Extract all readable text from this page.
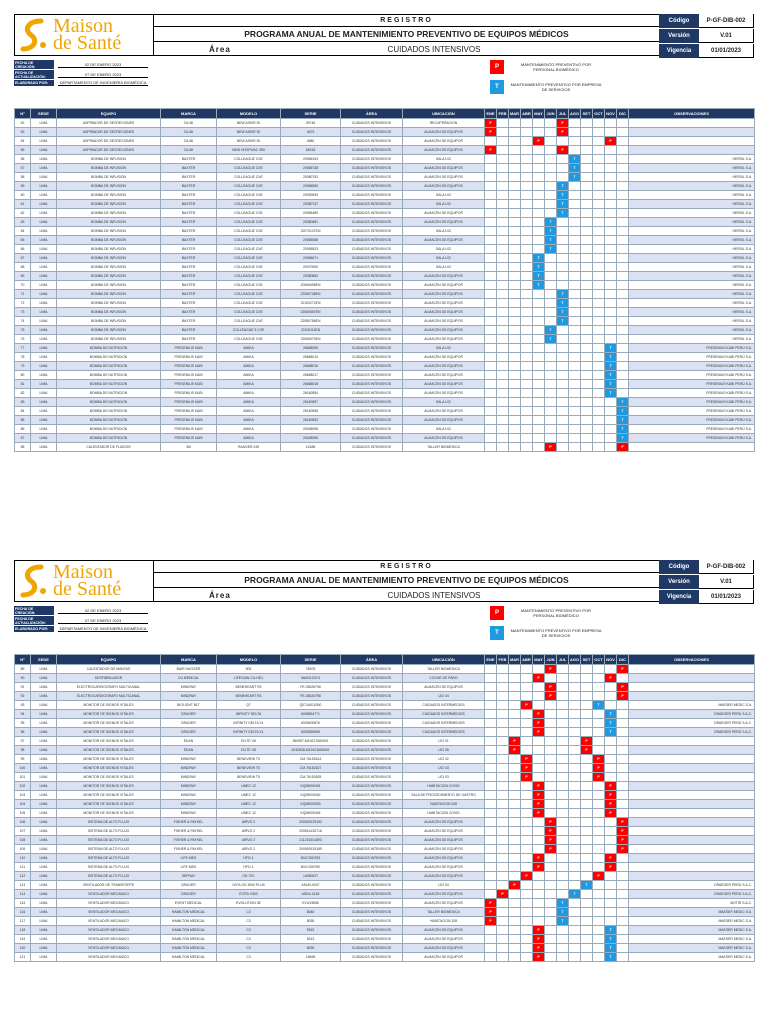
Maison
de Santé
REGISTRO
PROGRAMA ANUAL DE MANTENIMIENTO PREVENTIVO DE EQUIPOS MÉDICOS
Área	CUIDADOS INTENSIVOS
Código	P-GF-DIB-002
Versión	V.01
Vigencia	01/01/2023
FECHA DE CREACIÓN:	02 DE ENERO 2023
FECHA DE ACTUALIZACIÓN:	07 DE ENERO 2023
ELABORADO POR:	DEPARTAMENTO DE INGENIERÍA BIOMÉDICA
P	MANTENIMIENTO PREVENTIVO POR PERSONAL BIOMÉDICO
T	MANTENIMIENTO PREVENTIVO POR EMPRESA DE SERVICIOS
N°	SEDE	EQUIPO	MARCA	MODELO	SERIE	ÁREA	UBICACIÓN	ENE	FEB	MAR	ABR	MAY	JUN	JUL	AGO	SET	OCT	NOV	DIC	OBSERVACIONES
52	LIMA	ASPIRADOR DE SECRECIONES	CA-MI	NEW ASKIR 30	09746	CUIDADOS INTENSIVOS	RECUPERACION	P						P						
53	LIMA	ASPIRADOR DE SECRECIONES	CA-MI	NEW ASKIR 30	4679	CUIDADOS INTENSIVOS	ALMACEN DE EQUIPOS	P						P						
54	LIMA	ASPIRADOR DE SECRECIONES	CA-MI	NEW ASKIR 30	4680	CUIDADOS INTENSIVOS	ALMACEN DE EQUIPOS					P						P		
55	LIMA	ASPIRADOR DE SECRECIONES	CA-MI	NEW HOSPIVAC 350	54915	CUIDADOS INTENSIVOS	ALMACEN DE EQUIPOS	P						P						
56	LIMA	BOMBA DE INFUSION	BAXTER	COLLEAGUE CXE	20065193	CUIDADOS INTENSIVOS	SALA UCI								T					HERSIL S.A.
57	LIMA	BOMBA DE INFUSION	BAXTER	COLLEAGUE CXE	20065738	CUIDADOS INTENSIVOS	ALMACEN DE EQUIPOS								T					HERSIL S.A.
58	LIMA	BOMBA DE INFUSION	BAXTER	COLLEAGUE CXE	20080753	CUIDADOS INTENSIVOS	ALMACEN DE EQUIPOS								T					HERSIL S.A.
59	LIMA	BOMBA DE INFUSION	BAXTER	COLLEAGUE CXE	20065550	CUIDADOS INTENSIVOS	ALMACEN DE EQUIPOS							T						HERSIL S.A.
60	LIMA	BOMBA DE INFUSION	BAXTER	COLLEAGUE CXE	20090539	CUIDADOS INTENSIVOS	SALA UCI							T						HERSIL S.A.
61	LIMA	BOMBA DE INFUSION	BAXTER	COLLEAGUE CXE	20080747	CUIDADOS INTENSIVOS	SALA UCI							T						HERSIL S.A.
62	LIMA	BOMBA DE INFUSION	BAXTER	COLLEAGUE CXE	20065489	CUIDADOS INTENSIVOS	ALMACEN DE EQUIPOS							T						HERSIL S.A.
63	LIMA	BOMBA DE INFUSION	BAXTER	COLLEAGUE CXE	20080681	CUIDADOS INTENSIVOS	ALMACEN DE EQUIPOS						T							HERSIL S.A.
64	LIMA	BOMBA DE INFUSION	BAXTER	COLLEAGUE CXE	22070137EN	CUIDADOS INTENSIVOS	SALA UCI						T							HERSIL S.A.
65	LIMA	BOMBA DE INFUSION	BAXTER	COLLEAGUE CXE	20065088	CUIDADOS INTENSIVOS	ALMACEN DE EQUIPOS						T							HERSIL S.A.
66	LIMA	BOMBA DE INFUSION	BAXTER	COLLEAGUE CXE	20065523	CUIDADOS INTENSIVOS	SALA UCI						T							HERSIL S.A.
67	LIMA	BOMBA DE INFUSION	BAXTER	COLLEAGUE CXE	20065671	CUIDADOS INTENSIVOS	SALA UCI					T								HERSIL S.A.
68	LIMA	BOMBA DE INFUSION	BAXTER	COLLEAGUE CXE	20070050	CUIDADOS INTENSIVOS	SALA UCI					T								HERSIL S.A.
69	LIMA	BOMBA DE INFUSION	BAXTER	COLLEAGUE CXE	20080850	CUIDADOS INTENSIVOS	ALMACEN DE EQUIPOS					T								HERSIL S.A.
70	LIMA	BOMBA DE INFUSION	BAXTER	COLLEAGUE CXE	20060658EN	CUIDADOS INTENSIVOS	ALMACEN DE EQUIPOS					T								HERSIL S.A.
71	LIMA	BOMBA DE INFUSION	BAXTER	COLLEAGUE CXE	22060708EN	CUIDADOS INTENSIVOS	ALMACEN DE EQUIPOS							T						HERSIL S.A.
72	LIMA	BOMBA DE INFUSION	BAXTER	COLLEAGUE CXE	22100272EN	CUIDADOS INTENSIVOS	ALMACEN DE EQUIPOS							T						HERSIL S.A.
73	LIMA	BOMBA DE INFUSION	BAXTER	COLLEAGUE CXE	22060557EN	CUIDADOS INTENSIVOS	ALMACEN DE EQUIPOS							T						HERSIL S.A.
74	LIMA	BOMBA DE INFUSION	BAXTER	COLLEAGUE CXE	22080786EN	CUIDADOS INTENSIVOS	ALMACEN DE EQUIPOS							T						HERSIL S.A.
75	LIMA	BOMBA DE INFUSION	BAXTER	COLLEAGUE 3 CXE	22100111EN	CUIDADOS INTENSIVOS	ALMACEN DE EQUIPOS						T							HERSIL S.A.
76	LIMA	BOMBA DE INFUSION	BAXTER	COLLEAGUE CXE	22060670EN	CUIDADOS INTENSIVOS	ALMACEN DE EQUIPOS						T							HERSIL S.A.
77	LIMA	BOMBA DE NUTRICION	FRESENIUS KABI	AMIKA	26668059	CUIDADOS INTENSIVOS	SALA UCI											T		FRESENIUS KABI PERÚ S.A.
78	LIMA	BOMBA DE NUTRICION	FRESENIUS KABI	AMIKA	26668010	CUIDADOS INTENSIVOS	ALMACEN DE EQUIPOS											T		FRESENIUS KABI PERÚ S.A.
79	LIMA	BOMBA DE NUTRICION	FRESENIUS KABI	AMIKA	26668016	CUIDADOS INTENSIVOS	ALMACEN DE EQUIPOS											T		FRESENIUS KABI PERÚ S.A.
80	LIMA	BOMBA DE NUTRICION	FRESENIUS KABI	AMIKA	26668017	CUIDADOS INTENSIVOS	ALMACEN DE EQUIPOS											T		FRESENIUS KABI PERÚ S.A.
81	LIMA	BOMBA DE NUTRICION	FRESENIUS KABI	AMIKA	26668018	CUIDADOS INTENSIVOS	ALMACEN DE EQUIPOS											T		FRESENIUS KABI PERÚ S.A.
82	LIMA	BOMBA DE NUTRICION	FRESENIUS KABI	AMIKA	26160554	CUIDADOS INTENSIVOS	ALMACEN DE EQUIPOS											T		FRESENIUS KABI PERÚ S.A.
83	LIMA	BOMBA DE NUTRICION	FRESENIUS KABI	AMIKA	26160557	CUIDADOS INTENSIVOS	SALA UCI												T	FRESENIUS KABI PERÚ S.A.
84	LIMA	BOMBA DE NUTRICION	FRESENIUS KABI	AMIKA	26160555	CUIDADOS INTENSIVOS	ALMACEN DE EQUIPOS												T	FRESENIUS KABI PERÚ S.A.
85	LIMA	BOMBA DE NUTRICION	FRESENIUS KABI	AMIKA	26160553	CUIDADOS INTENSIVOS	ALMACEN DE EQUIPOS												T	FRESENIUS KABI PERÚ S.A.
86	LIMA	BOMBA DE NUTRICION	FRESENIUS KABI	AMIKA	26308098	CUIDADOS INTENSIVOS	SALA UCI												T	FRESENIUS KABI PERÚ S.A.
87	LIMA	BOMBA DE NUTRICION	FRESENIUS KABI	AMIKA	26308096	CUIDADOS INTENSIVOS	ALMACEN DE EQUIPOS												T	FRESENIUS KABI PERÚ S.A.
88	LIMA	CALENTADOR DE FLUIDOS	3M	RANGER 245	14386	CUIDADOS INTENSIVOS	TALLER BIOMEDICA						P						P	
Maison
de Santé
REGISTRO
PROGRAMA ANUAL DE MANTENIMIENTO PREVENTIVO DE EQUIPOS MÉDICOS
Área	CUIDADOS INTENSIVOS
Código	P-GF-DIB-002
Versión	V.01
Vigencia	01/01/2023
FECHA DE CREACIÓN:	02 DE ENERO 2023
FECHA DE ACTUALIZACIÓN:	07 DE ENERO 2023
ELABORADO POR:	DEPARTAMENTO DE INGENIERÍA BIOMÉDICA
P	MANTENIMIENTO PREVENTIVO POR PERSONAL BIOMÉDICO
T	MANTENIMIENTO PREVENTIVO POR EMPRESA DE SERVICIOS
N°	SEDE	EQUIPO	MARCA	MODELO	SERIE	ÁREA	UBICACIÓN	ENE	FEB	MAR	ABR	MAY	JUN	JUL	AGO	SET	OCT	NOV	DIC	OBSERVACIONES
89	LIMA	CALENTADOR DE MANTAS	BAIR HUGGER	505	78209	CUIDADOS INTENSIVOS	TALLER BIOMEDICA						P						P	
90	LIMA	DESFIBRILADOR	CU MEDICAL	LIFEGAIN CU-HD1	MA921C574	CUIDADOS INTENSIVOS	COCHE DE PARO					P						P		
91	LIMA	ELECTROCARDIOGRAFO MULTICANAL	MINDRAY	BENEHEART R3	FE-08026796	CUIDADOS INTENSIVOS	ALMACEN DE EQUIPOS						P						P	
92	LIMA	ELECTROCARDIOGRAFO MULTICANAL	MINDRAY	BENEHEART R3	FE-08026798	CUIDADOS INTENSIVOS	UCI 04						P						P	
93	LIMA	MONITOR DE SIGNOS VITALES	BIOLIGHT BLT	Q7	Q071A010300	CUIDADOS INTENSIVOS	CUIDADOS INTERMEDIOS				P						T			MAESER MEDIC S.A.
94	LIMA	MONITOR DE SIGNOS VITALES	DRAGER	INFINITY DELTA	6008654771	CUIDADOS INTENSIVOS	CUIDADOS INTERMEDIOS					P						T		DRAEGER PERÚ S.A.C.
95	LIMA	MONITOR DE SIGNOS VITALES	DRAGER	INFINITY DELTA XL	6009400876	CUIDADOS INTENSIVOS	CUIDADOS INTERMEDIOS					P						T		DRAEGER PERÚ S.A.C.
96	LIMA	MONITOR DE SIGNOS VITALES	DRAGER	INFINITY DELTA XL	6000599665	CUIDADOS INTENSIVOS	CUIDADOS INTERMEDIOS					P						T		DRAEGER PERÚ S.A.C.
97	LIMA	MONITOR DE SIGNOS VITALES	EDAN	ELITE V8	360597-M19217660001	CUIDADOS INTENSIVOS	UCI 01			P						P				
98	LIMA	MONITOR DE SIGNOS VITALES	EDAN	ELITE V8	0032838-M19101660002	CUIDADOS INTENSIVOS	UCI 05			P						P				
99	LIMA	MONITOR DE SIGNOS VITALES	MINDRAY	BENEVIEW T5	CM-76152614	CUIDADOS INTENSIVOS	UCI 02				P						P			
100	LIMA	MONITOR DE SIGNOS VITALES	MINDRAY	BENEVIEW T5	CM-76152627	CUIDADOS INTENSIVOS	UCI 03				P						P			
101	LIMA	MONITOR DE SIGNOS VITALES	MINDRAY	BENEVIEW T5	CM-76152625	CUIDADOS INTENSIVOS	UCI 03				P						P			
102	LIMA	MONITOR DE SIGNOS VITALES	MINDRAY	UMEC 12	KQ08005451	CUIDADOS INTENSIVOS	HABITACION COVID					P						P		
103	LIMA	MONITOR DE SIGNOS VITALES	MINDRAY	UMEC 12	KQ08005452	CUIDADOS INTENSIVOS	SALA DE PROCEDIMIENTO DE GASTRO					P						P		
104	LIMA	MONITOR DE SIGNOS VITALES	MINDRAY	UMEC 12	KQ08005453	CUIDADOS INTENSIVOS	HABITACION 328					P						P		
105	LIMA	MONITOR DE SIGNOS VITALES	MINDRAY	UMEC 12	KQ08005454	CUIDADOS INTENSIVOS	HABITACION COVID					P						P		
106	LIMA	SISTEMA DE ALTO FLUJO	FISHER & PAYKEL	AIRVO 2	200509129152	CUIDADOS INTENSIVOS	ALMACEN DE EQUIPOS						P						P	
107	LIMA	SISTEMA DE ALTO FLUJO	FISHER & PAYKEL	AIRVO 2	200514130716	CUIDADOS INTENSIVOS	ALMACEN DE EQUIPOS						P						P	
108	LIMA	SISTEMA DE ALTO FLUJO	FISHER & PAYKEL	AIRVO 2	211215241893	CUIDADOS INTENSIVOS	ALMACEN DE EQUIPOS						P						P	
109	LIMA	SISTEMA DE ALTO FLUJO	FISHER & PAYKEL	AIRVO 2	200509129189	CUIDADOS INTENSIVOS	ALMACEN DE EQUIPOS						P						P	
110	LIMA	SISTEMA DE ALTO FLUJO	LIFE MED	HFO-1	801C000783	CUIDADOS INTENSIVOS	ALMACEN DE EQUIPOS					P						P		
111	LIMA	SISTEMA DE ALTO FLUJO	LIFE MED	HFO-1	801C000780	CUIDADOS INTENSIVOS	ALMACEN DE EQUIPOS					P						P		
112	LIMA	SISTEMA DE ALTO FLUJO	SEPRAY	OH-70C	14060027	CUIDADOS INTENSIVOS	ALMACEN DE EQUIPOS				P						P			
113	LIMA	VENTILADOR DE TRANSPORTE	DRAGER	OXYLOG 3000 PLUS	ASUN-0047	CUIDADOS INTENSIVOS	UCI 03			P						T				DRAEGER PERÚ S.A.C.
114	LIMA	VENTILADOR MECANICO	DRAGER	EVITA V300	ASKA-0145	CUIDADOS INTENSIVOS	ALMACEN DE EQUIPOS		P						T					DRAEGER PERÚ S.A.C.
115	LIMA	VENTILADOR MECANICO	EVENT MEDICAL	EVOLUTION 3E	EVU43656	CUIDADOS INTENSIVOS	ALMACEN DE EQUIPOS	P						T						MOTIR S.A.C.
116	LIMA	VENTILADOR MECANICO	HAMILTON MEDICAL	C3	8046	CUIDADOS INTENSIVOS	TALLER BIOMEDICA	P						T						MAESER MEDIC S.A.
117	LIMA	VENTILADOR MECANICO	HAMILTON MEDICAL	C3	8035	CUIDADOS INTENSIVOS	HABITACION 328	P						T						MAESER MEDIC S.A.
118	LIMA	VENTILADOR MECANICO	HAMILTON MEDICAL	C3	8315	CUIDADOS INTENSIVOS	ALMACEN DE EQUIPOS					P						T		MAESER MEDIC S.A.
119	LIMA	VENTILADOR MECANICO	HAMILTON MEDICAL	C3	8313	CUIDADOS INTENSIVOS	ALMACEN DE EQUIPOS					P						T		MAESER MEDIC S.A.
120	LIMA	VENTILADOR MECANICO	HAMILTON MEDICAL	C3	8039	CUIDADOS INTENSIVOS	ALMACEN DE EQUIPOS					P						T		MAESER MEDIC S.A.
121	LIMA	VENTILADOR MECANICO	HAMILTON MEDICAL	C3	15666	CUIDADOS INTENSIVOS	ALMACEN DE EQUIPOS					P						T		MAESER MEDIC S.A.
